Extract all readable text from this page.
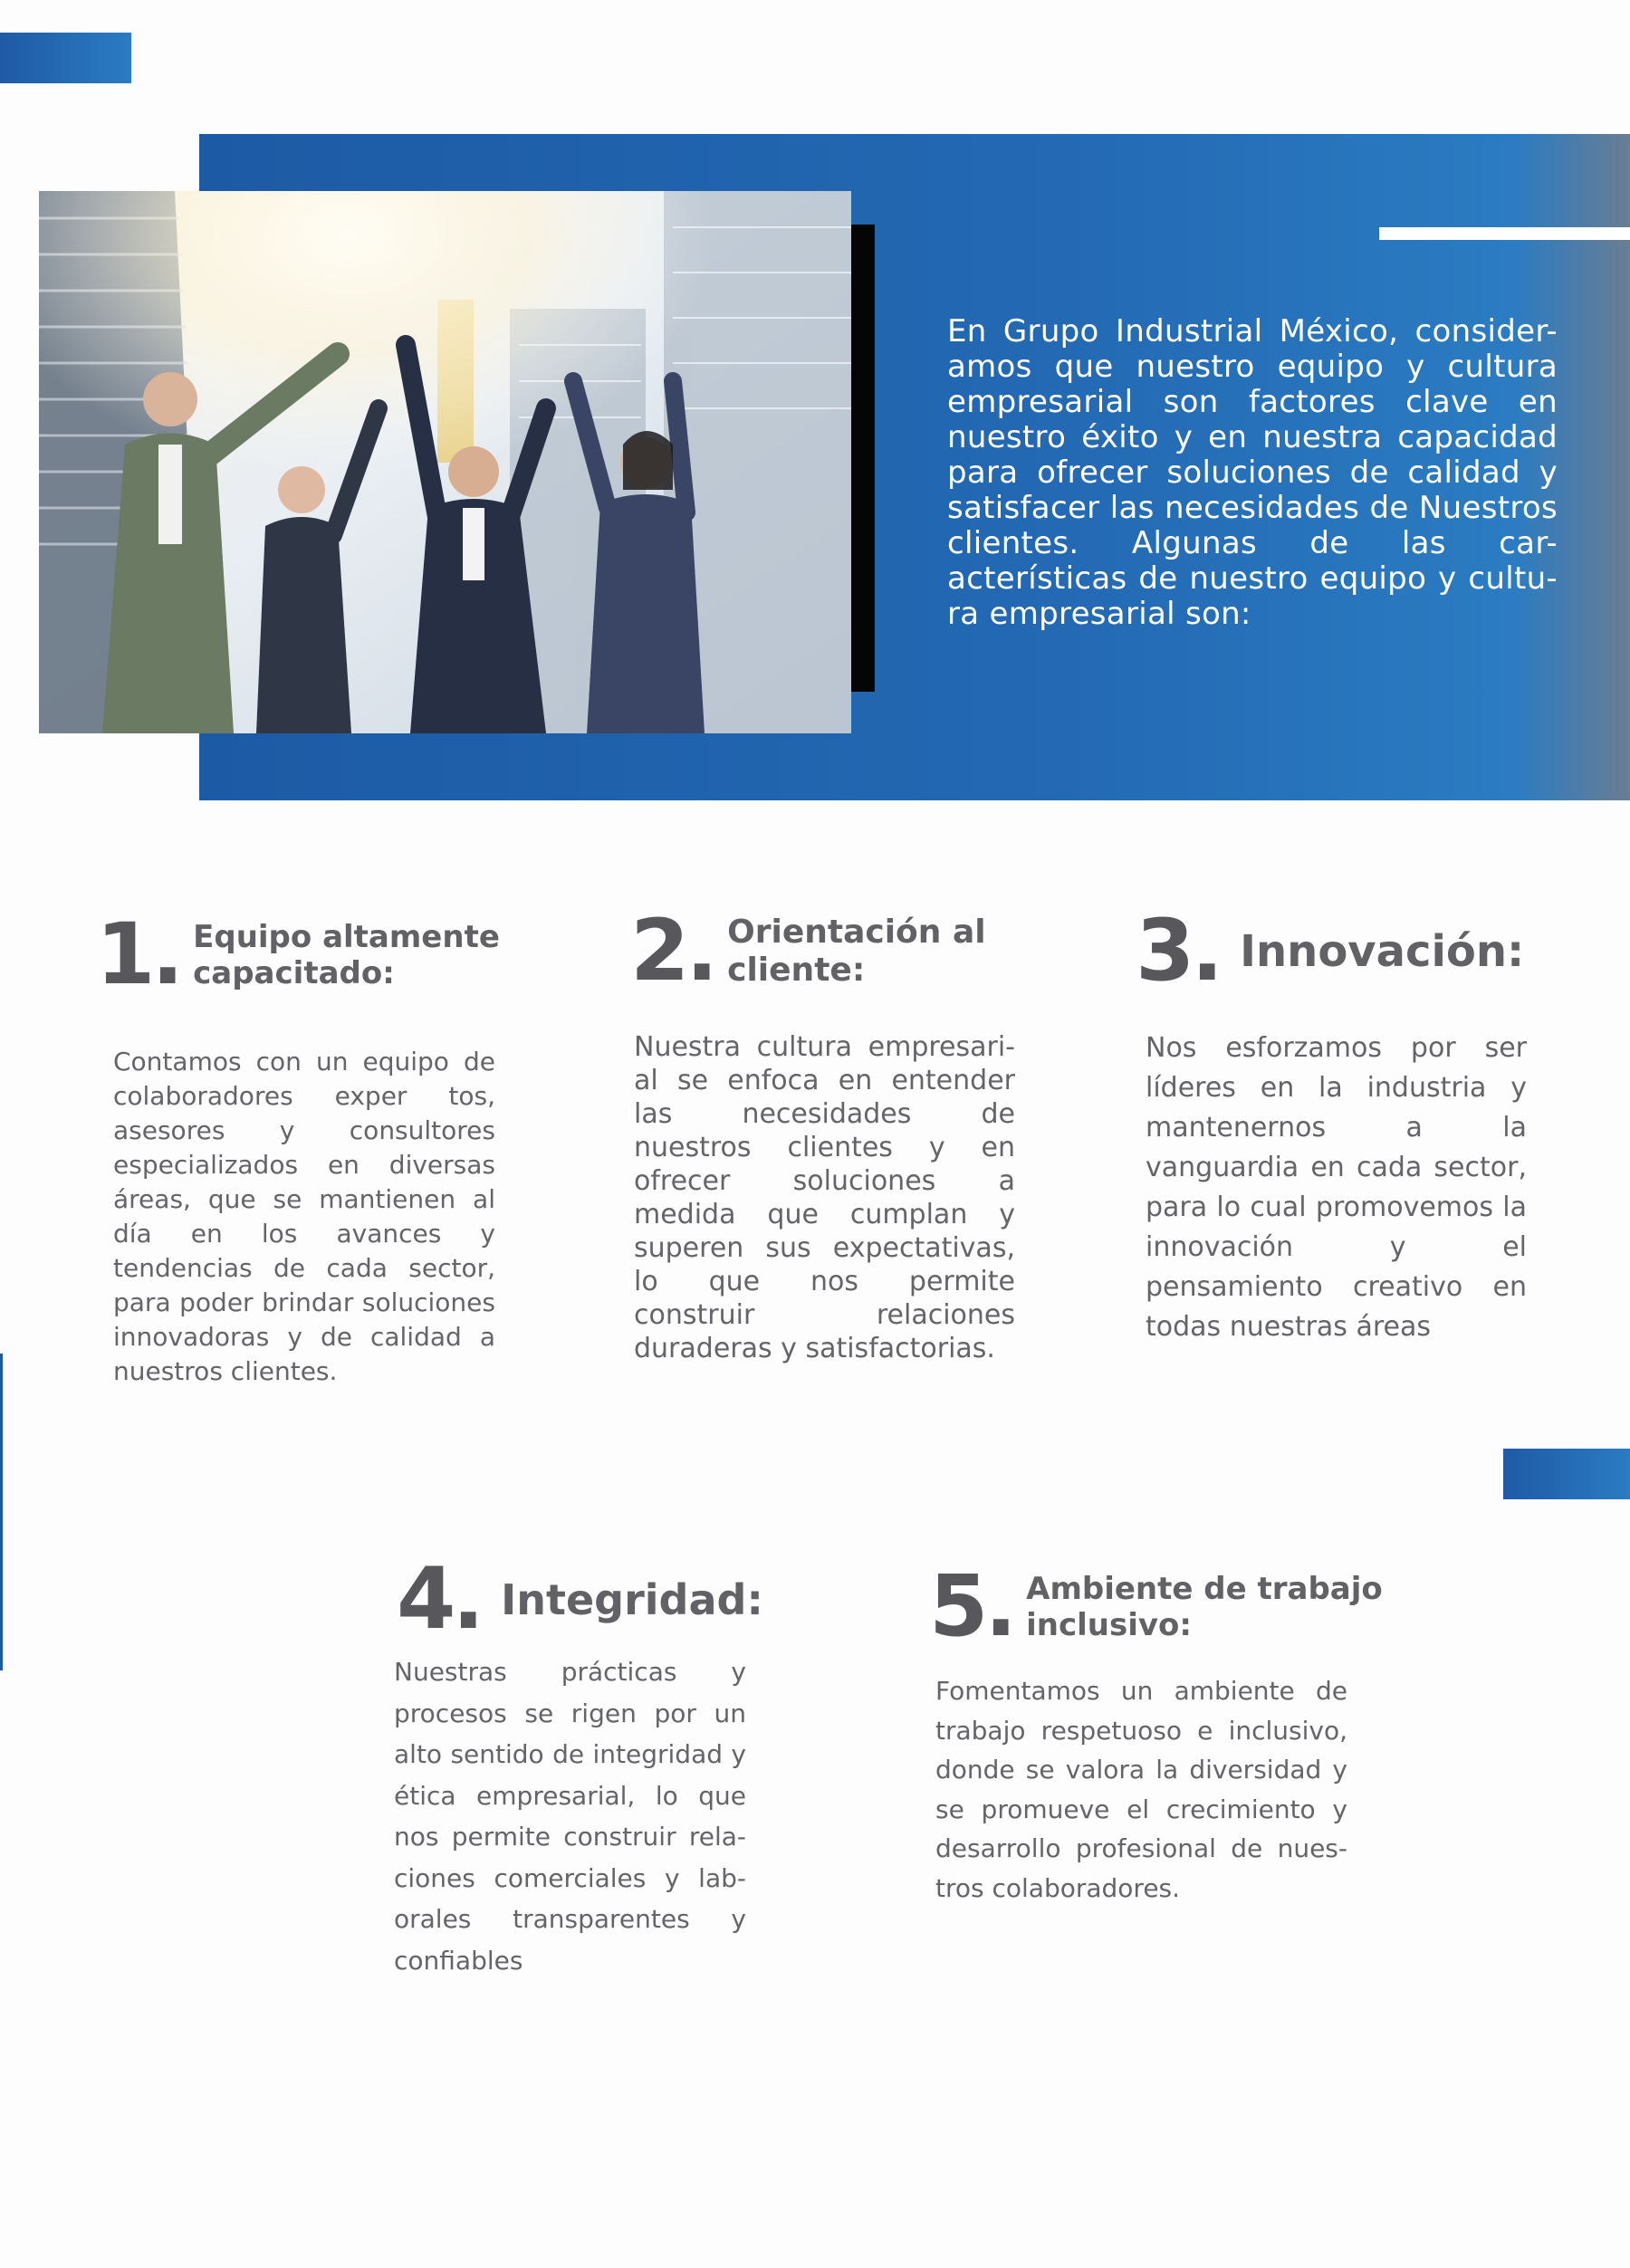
En Grupo Industrial México, consider- amos que nuestro equipo y cultura empresarial son factores clave en nuestro éxito y en nuestra capacidad para ofrecer soluciones de calidad y satisfacer las necesidades de Nuestros clientes. Algunas de las car- acterísticas de nuestro equipo y cultu- ra empresarial son:

1. Equipo altamente
capacitado:

Contamos con un equipo de colaboradores exper tos, asesores y consultores especializados en diversas áreas, que se mantienen al día en los avances y tendencias de cada sector, para poder brindar soluciones innovadoras y de calidad a nuestros clientes.

2. Orientación al
cliente:

Nuestra cultura empresari- al se enfoca en entender las necesidades de nuestros clientes y en ofrecer soluciones a medida que cumplan y superen sus expectativas, lo que nos permite construir relaciones duraderas y satisfactorias.

3. Innovación:

Nos esforzamos por ser líderes en la industria y mantenernos a la vanguardia en cada sector, para lo cual promovemos la innovación y el pensamiento creativo en todas nuestras áreas

4. Integridad:

Nuestras prácticas y procesos se rigen por un alto sentido de integridad y ética empresarial, lo que nos permite construir rela- ciones comerciales y lab- orales transparentes y confiables

5. Ambiente de trabajo
inclusivo:

Fomentamos un ambiente de trabajo respetuoso e inclusivo, donde se valora la diversidad y se promueve el crecimiento y desarrollo profesional de nues- tros colaboradores.
